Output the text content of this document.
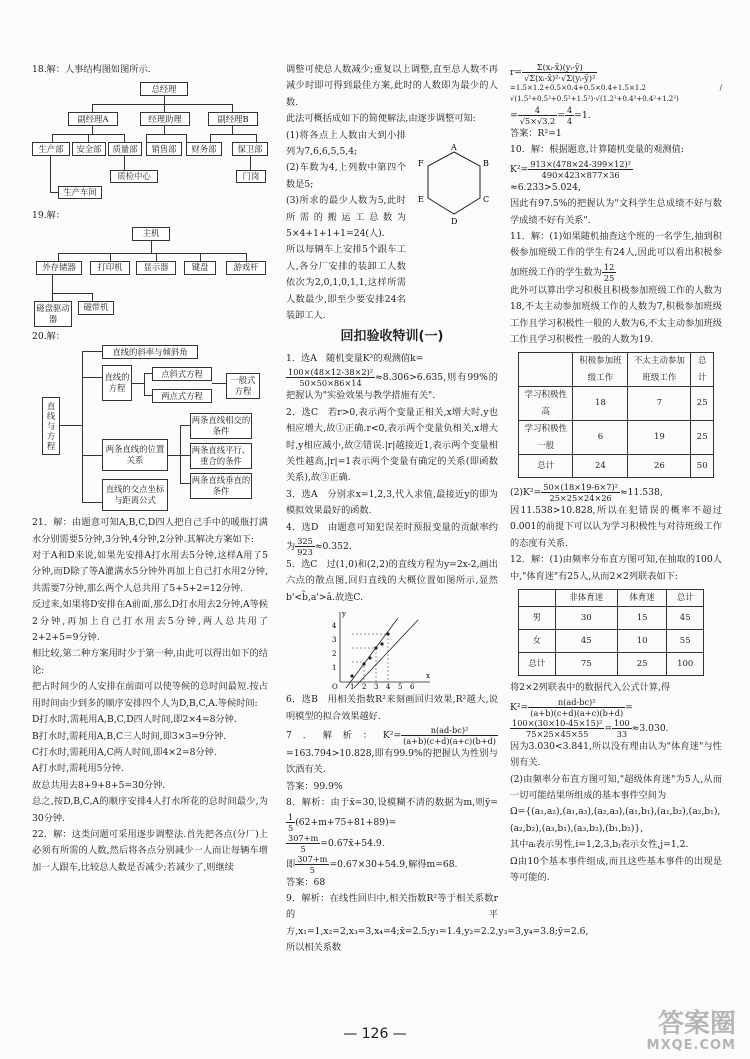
18.解：人事结构图如图所示.

总经理
副经理A	经理助理	副经理B
生产部	安全部	质量部	销售部	财务部	保卫部
生产车间
质检中心	门岗

19.解：

主机
外存储器	打印机	显示器	键盘	游戏杆
磁盘驱动器
磁带机

20.解：

直线与方程
直线的斜率与倾斜角
直线的方程
点斜式方程
两点式方程
一般式方程
两条直线的位置关系
两条直线相交的条件
两条直线平行、重合的条件
两条直线垂直的条件
直线的交点坐标与距离公式

21．解：由题意可知A,B,C,D四人把自己手中的暖瓶打满水分别需要5分钟,3分钟,4分钟,2分钟.其解决方案如下:

对于A和D来说,如果先安排A打水用去5分钟,这样A用了5分钟,而D除了等A灌满水5分钟外再加上自己打水用2分钟,共需要7分钟,那么两个人总共用了5+5+2=12分钟.

反过来,如果将D安排在A前面,那么D打水用去2分钟,A等候2分钟,再加上自己打水用去5分钟,两人总共用了2+2+5=9分钟.

相比较,第二种方案用时少于第一种,由此可以得出如下的结论:

把占时间少的人安排在前面可以使等候的总时间最短.按占用时间由少到多的顺序安排四个人为D,B,C,A.等候时间:

D打水时,需耗用A,B,C,D四人时间,即2×4=8分钟.

B打水时,需耗用A,B,C三人时间,即3×3=9分钟.

C打水时,需耗用A,C两人时间,即4×2=8分钟.

A打水时,需耗用5分钟.

故总共用去8+9+8+5=30分钟.

总之,按D,B,C,A的顺序安排4人打水所花的总时间最少,为30分钟.

22．解：这类问题可采用逐步调整法.首先把各点(分厂)上必须有所需的人数,然后将各点分别减少一人而让每辆车增加一人跟车,比较总人数是否减少;若减少了,则继续

调整可使总人数减少;重复以上调整,直至总人数不再减少时即可得到最佳方案,此时的人数即为最少的人数.

此法可概括成如下的简便解法,由逐步调整可知:

(1)将各点上人数由大到小排列为7,6,6,5,5,4;

(2)车数为4,上列数中第四个数是5;

(3)所求的最少人数为5,此时所需的搬运工总数为5×4+1+1+1=24(人).

所以每辆车上安排5个跟车工人,各分厂安排的装卸工人数依次为2,0,1,0,1,1,这样所需人数最少,即至少要安排24名装卸工人.

A
B
C
D
E
F
回扣验收特训(一)

1．选A　随机变量K²的观测值k=

$\frac{\text{100×(48×12-38×2)²}}{50\times 50\times 86\times 14} \approx 8.306>6.635$,则有99%的把握认为"实验效果与教学措施有关".

2．选C　若r>0,表示两个变量正相关,x增大时,y也相应增大,故①正确.r<0,表示两个变量负相关,x增大时,y相应减小,故②错误.|r|越接近1,表示两个变量相关性越高,|r|=1表示两个变量有确定的关系(即函数关系),故③正确.

3．选A　分别求x=1,2,3,代入求值,最接近y的即为模拟效果最好的函数.

4．选D　由题意可知犯误差时预报变量的贡献率约为 $\frac{325}{923} \approx 0.352$.

5．选C　过(1,0)和(2,2)的直线方程为y=2x-2,画出六点的散点图,回归直线的大概位置如图所示,显然b'<b̂,a'>â.故选C.

y
x
O
1
2
3
4
1 2 3 4 5 6

6．选B　用相关指数R²来刻画回归效果,R²越大,说明模型的拟合效果越好.

7．解析：$K^2= \frac{\text{n(ad-bc)²}}{(a+b)(c+d)(a+c)(b+d)}$
=163.794>10.828,即有99.9%的把握认为性别与饮酒有关.

答案：99.9%

8．解析：由于x̄=30,设模糊不清的数据为m,则ȳ=
$\frac{1}{5} (62+m+75+81+89)=$

$\frac{307+m}{5}$ =0.67x̄+54.9.

即 $\frac{307+m}{5} =0.67\times 30+54.9$,解得m=68.

答案：68

9．解析：在线性回归中,相关指数R²等于相关系数r的平方,x₁=1,x₂=2,x₃=3,x₄=4;x̄=2.5;y₁=1.4,y₂=2.2,y₃=3,y₄=3.8;ȳ=2.6,

所以相关系数

$r= \frac{\text{Σ(xᵢ-x̄)(yᵢ-ȳ)}}{\text{√Σ(xᵢ-x̄)²·√Σ(yᵢ-ȳ)²}}$

=1.5×1.2+0.5×0.4+0.5×0.4+1.5×1.2 / √(1.5²+0.5²+0.5²+1.5²)·√(1.2²+0.4²+0.4²+1.2²)

= $\frac{4}{√5\times√3.2} = \frac{4}{4} =1$.

答案：R²=1

10．解：根据题意,计算随机变量的观测值:

$K^2= \frac{\text{913×(478×24-399×12)²}}{490\times 423\times 877\times 36}$

≈6.233>5.024,

因此有97.5%的把握认为"文科学生总成绩不好与数学成绩不好有关系".

11．解：(1)如果随机抽查这个班的一名学生,抽到积极参加班级工作的学生有24人,因此可以看出积极参加班级工作的学生数为 $\frac{12}{25}$

此外可以算出学习积极且积极参加班级工作的人数为18,不太主动参加班级工作的人数为7,积极参加班级工作且学习积极性一般的人数为6,不太主动参加班级工作且学习积极性一般的人数为19.

	积极参加班级工作	不太主动参加班级工作	总计
学习积极性高	18	7	25
学习积极性一般	6	19	25
总计	24	26	50

$(2)K^2= \frac{\text{50×(18×19-6×7)²}}{25\times 25\times 24\times 26} \approx 11.538$,

因11.538>10.828,所以在犯错误的概率不超过0.001的前提下可以认为学习积极性与对待班级工作的态度有关系.

12．解：(1)由频率分布直方图可知,在抽取的100人中,"体育迷"有25人,从而2×2列联表如下:

	非体育迷	体育迷	总计
男	30	15	45
女	45	10	55
总计	75	25	100

将2×2列联表中的数据代入公式计算,得

$K^2= \frac{\text{n(ad-bc)²}}{(a+b)(c+d)(a+c)(b+d)}$ =

$\frac{\text{100×(30×10-45×15)²}}{75\times 25\times 45\times 55} = \frac{100}{33} \approx 3.030$.

因为3.030<3.841,所以没有理由认为"体育迷"与性别有关.

(2)由频率分布直方图可知,"超级体育迷"为5人,从而一切可能结果所组成的基本事件空间为

Ω={(a₁,a₂),(a₁,a₃),(a₂,a₃),(a₁,b₁),(a₁,b₂),(a₂,b₁),(a₂,b₂),(a₃,b₁),(a₃,b₂),(b₁,b₂)},

其中aᵢ表示男性,i=1,2,3,bⱼ表示女性,j=1,2.

Ω由10个基本事件组成,而且这些基本事件的出现是等可能的.

— 126 —	答案圈
MXQE.COM
